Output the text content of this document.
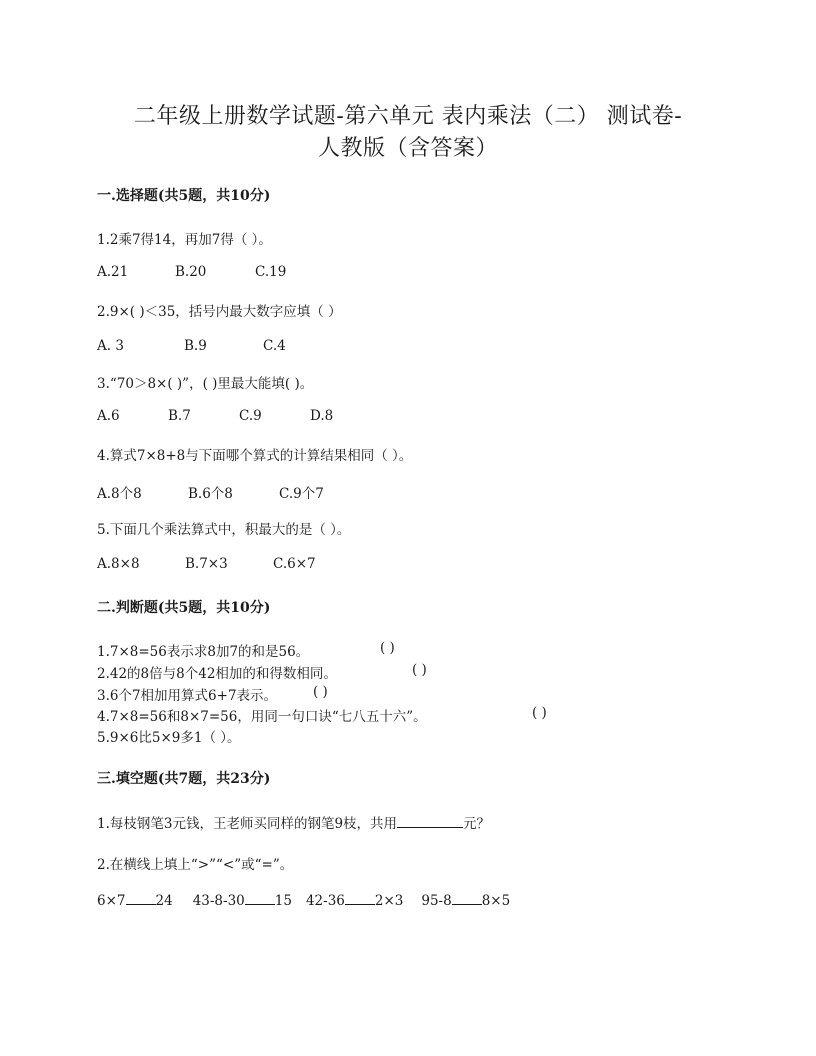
二年级上册数学试题-第六单元 表内乘法（二） 测试卷-
人教版（含答案）
一.选择题(共5题，共10分)
1.2乘7得14，再加7得（ ）。
A.21	B.20	C.19
2.9×( )＜35，括号内最大数字应填（ ）
A. 3	B.9	C.4
3.“70＞8×( )”，( )里最大能填( )。
A.6	B.7	C.9	D.8
4.算式7×8+8与下面哪个算式的计算结果相同（ ）。
A.8个8	B.6个8	C.9个7
5.下面几个乘法算式中，积最大的是（ ）。
A.8×8	B.7×3	C.6×7
二.判断题(共5题，共10分)
1.7×8=56表示求8加7的和是56。	( )
2.42的8倍与8个42相加的和得数相同。	( )
3.6个7相加用算式6+7表示。	( )
4.7×8=56和8×7=56，用同一句口诀“七八五十六”。	( )
5.9×6比5×9多1（ ）。
三.填空题(共7题，共23分)
1.每枝钢笔3元钱，王老师买同样的钢笔9枝，共用	元？
2.在横线上填上“>”“<”或“=”。
6×7 24 43-8-30 15 42-36 2×3 95-8 8×5
